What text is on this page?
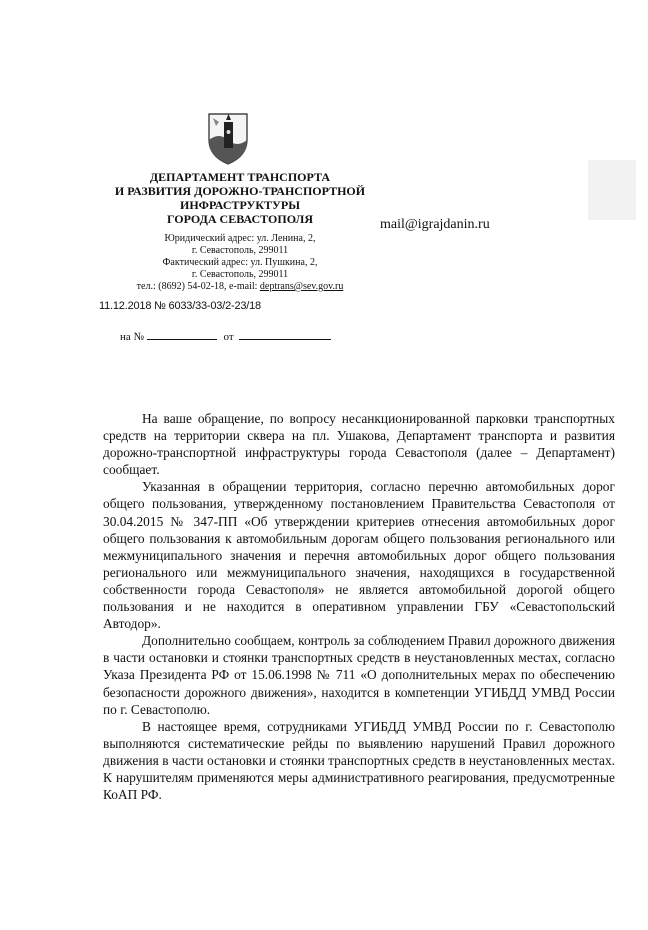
ДЕПАРТАМЕНТ ТРАНСПОРТА
И РАЗВИТИЯ ДОРОЖНО-ТРАНСПОРТНОЙ
ИНФРАСТРУКТУРЫ
ГОРОДА СЕВАСТОПОЛЯ
Юридический адрес: ул. Ленина, 2,
г. Севастополь, 299011
Фактический адрес: ул. Пушкина, 2,
г. Севастополь, 299011
тел.: (8692) 54-02-18, e-mail: deptrans@sev.gov.ru
mail@igrajdanin.ru
11.12.2018 № 6033/33-03/2-23/18
на №	от

На ваше обращение, по вопросу несанкционированной парковки транспортных средств на территории сквера на пл. Ушакова, Департамент транспорта и развития дорожно-транспортной инфраструктуры города Севастополя (далее – Департамент) сообщает.

Указанная в обращении территория, согласно перечню автомобильных дорог общего пользования, утвержденному постановлением Правительства Севастополя от 30.04.2015 № 347-ПП «Об утверждении критериев отнесения автомобильных дорог общего пользования к автомобильным дорогам общего пользования регионального или межмуниципального значения и перечня автомобильных дорог общего пользования регионального или межмуниципального значения, находящихся в государственной собственности города Севастополя» не является автомобильной дорогой общего пользования и не находится в оперативном управлении ГБУ «Севастопольский Автодор».

Дополнительно сообщаем, контроль за соблюдением Правил дорожного движения в части остановки и стоянки транспортных средств в неустановленных местах, согласно Указа Президента РФ от 15.06.1998 № 711 «О дополнительных мерах по обеспечению безопасности дорожного движения», находится в компетенции УГИБДД УМВД России по г. Севастополю.

В настоящее время, сотрудниками УГИБДД УМВД России по г. Севастополю выполняются систематические рейды по выявлению нарушений Правил дорожного движения в части остановки и стоянки транспортных средств в неустановленных местах. К нарушителям применяются меры административного реагирования, предусмотренные КоАП РФ.
